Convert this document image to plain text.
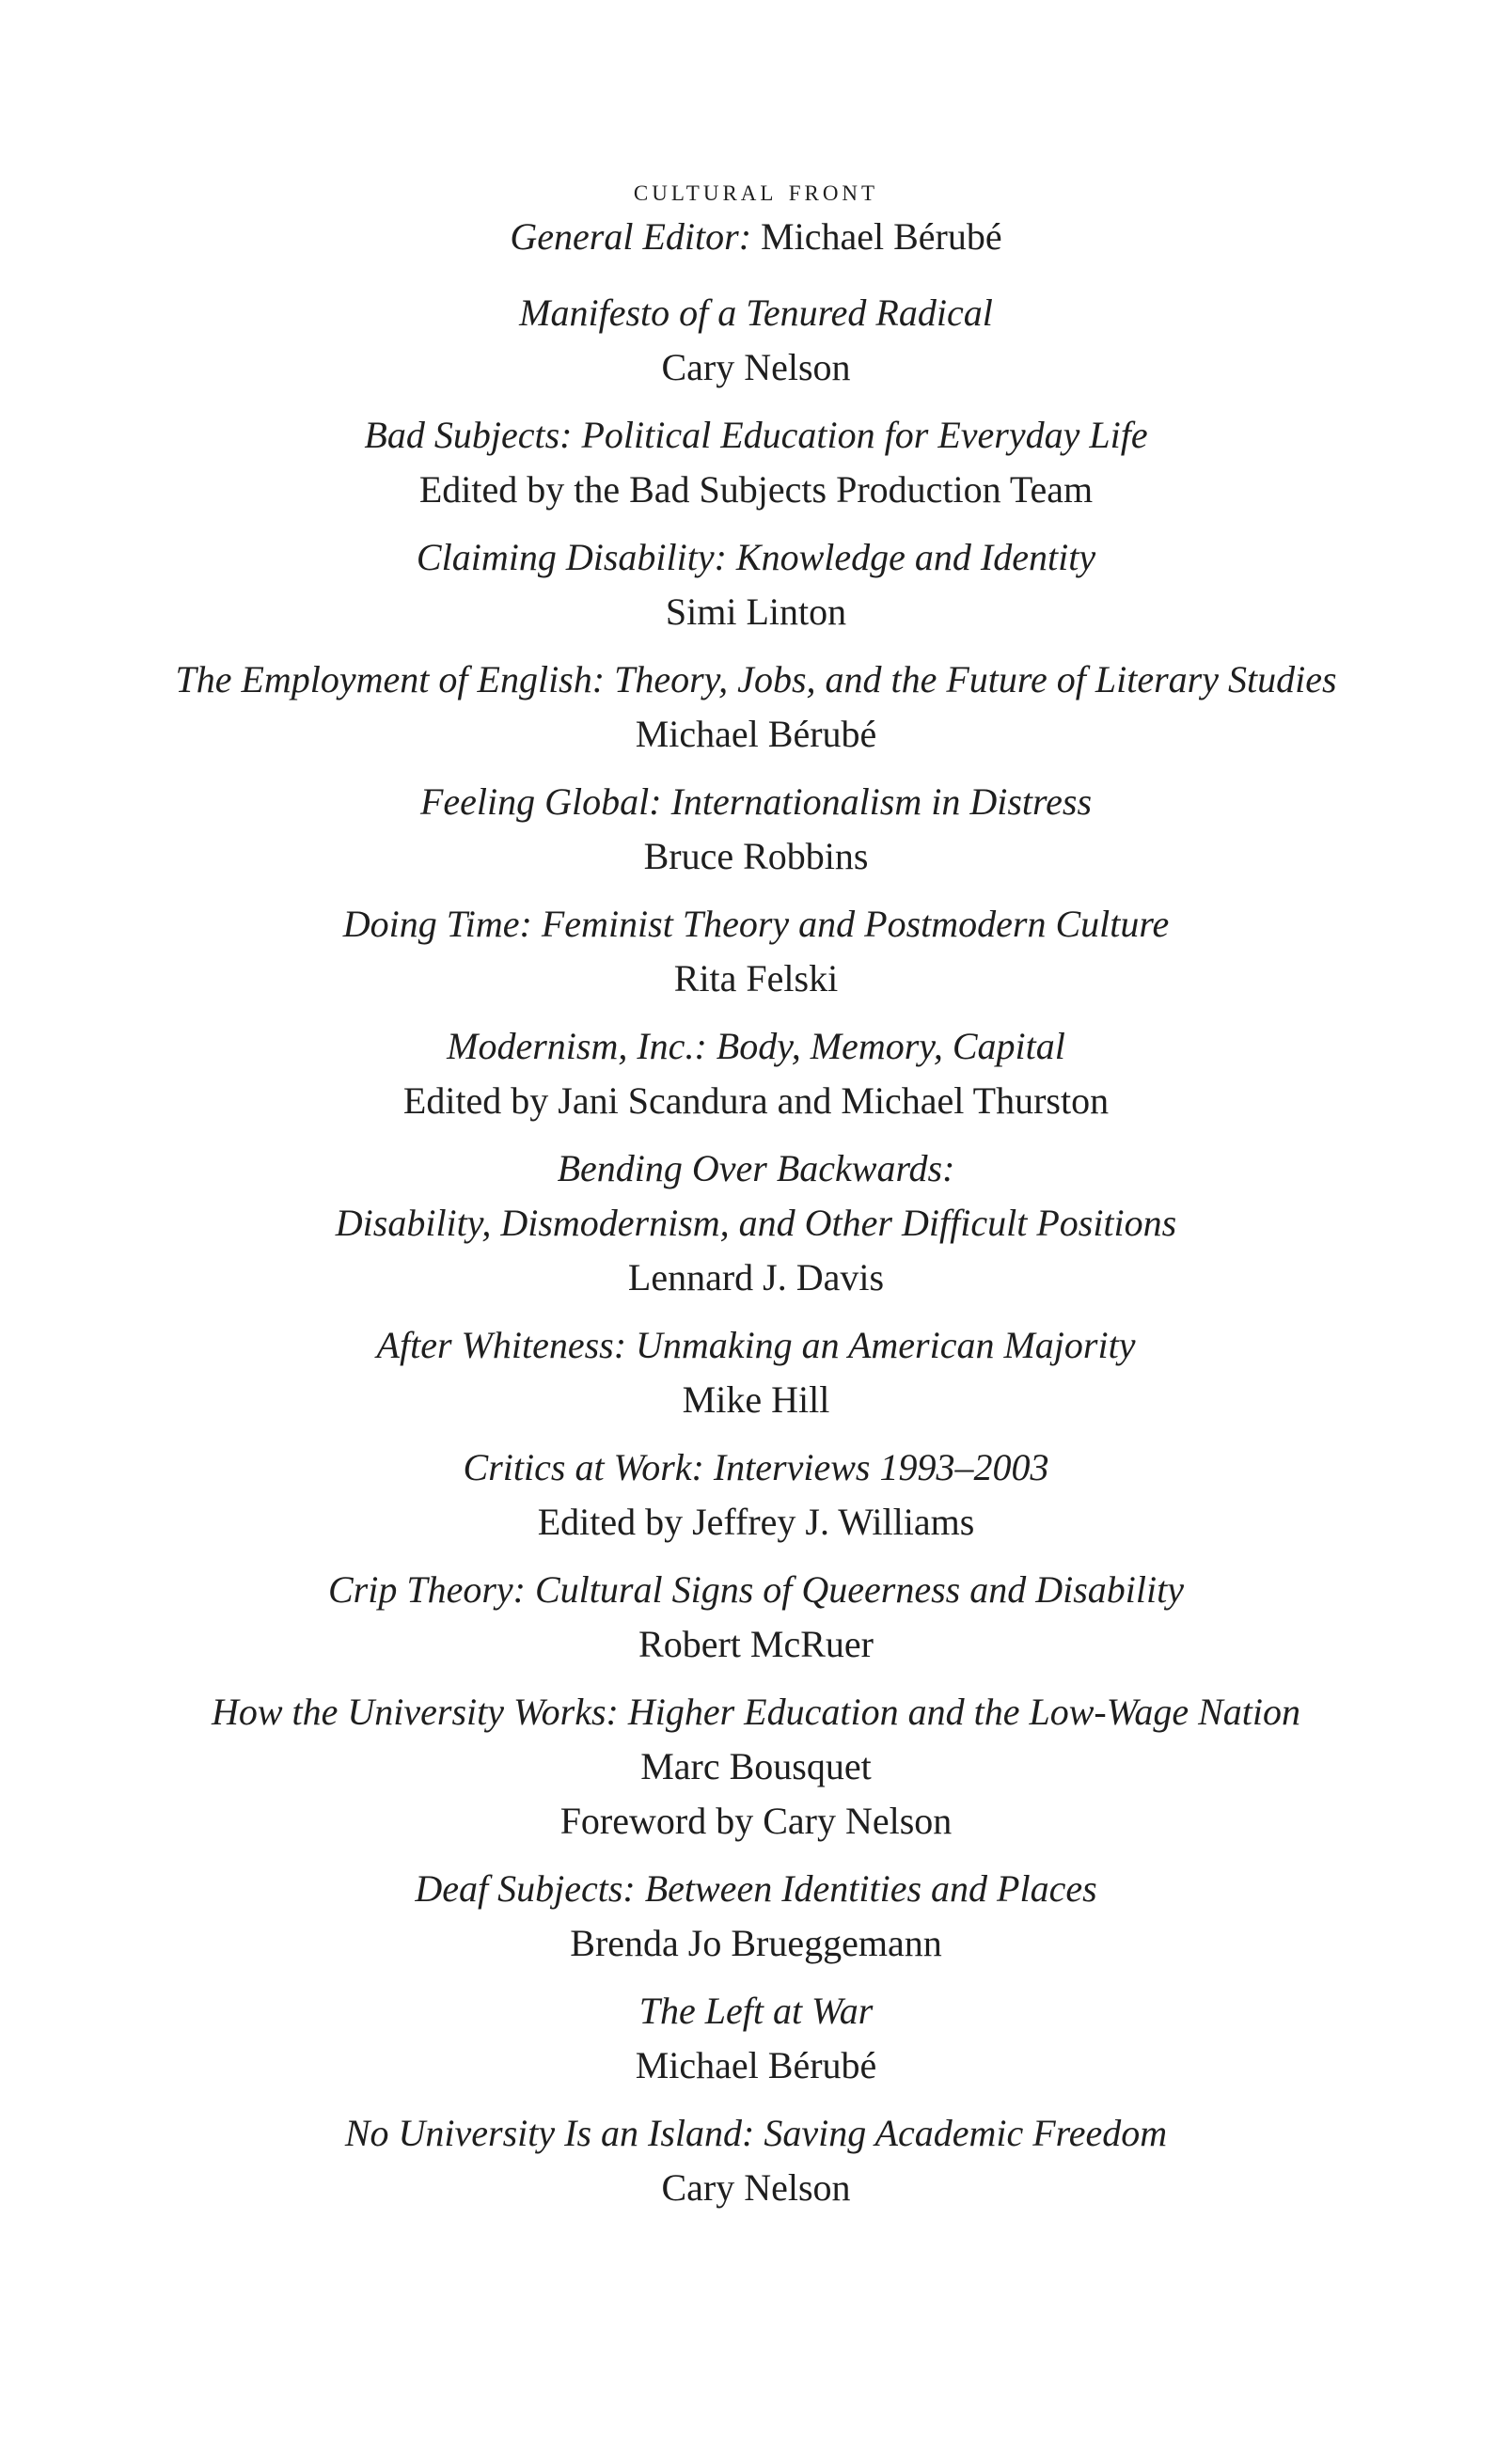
cultural front
General Editor: Michael Bérubé
Manifesto of a Tenured Radical
Cary Nelson
Bad Subjects: Political Education for Everyday Life
Edited by the Bad Subjects Production Team
Claiming Disability: Knowledge and Identity
Simi Linton
The Employment of English: Theory, Jobs, and the Future of Literary Studies
Michael Bérubé
Feeling Global: Internationalism in Distress
Bruce Robbins
Doing Time: Feminist Theory and Postmodern Culture
Rita Felski
Modernism, Inc.: Body, Memory, Capital
Edited by Jani Scandura and Michael Thurston
Bending Over Backwards:
Disability, Dismodernism, and Other Difficult Positions
Lennard J. Davis
After Whiteness: Unmaking an American Majority
Mike Hill
Critics at Work: Interviews 1993–2003
Edited by Jeffrey J. Williams
Crip Theory: Cultural Signs of Queerness and Disability
Robert McRuer
How the University Works: Higher Education and the Low-Wage Nation
Marc Bousquet
Foreword by Cary Nelson
Deaf Subjects: Between Identities and Places
Brenda Jo Brueggemann
The Left at War
Michael Bérubé
No University Is an Island: Saving Academic Freedom
Cary Nelson
